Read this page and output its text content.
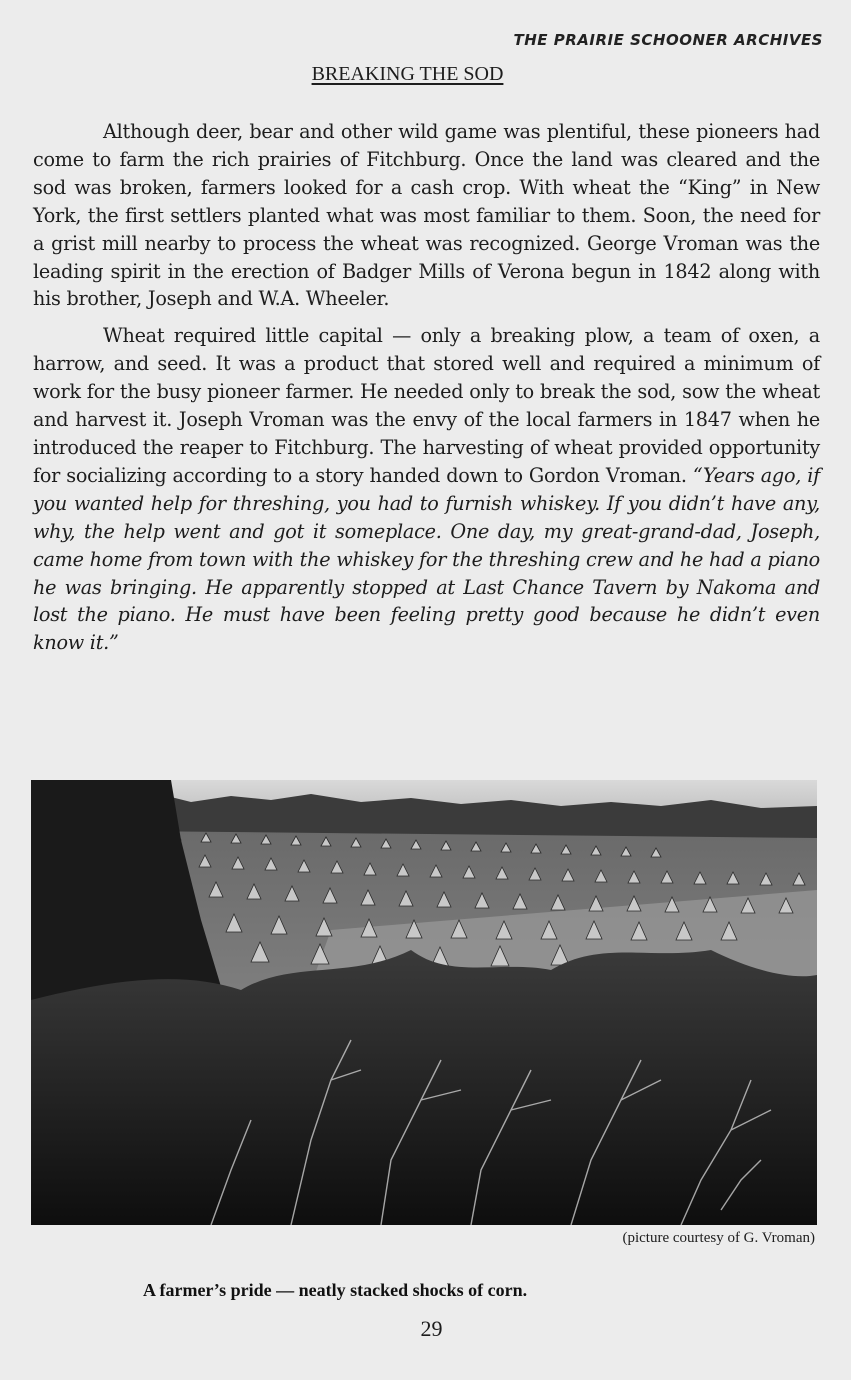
THE PRAIRIE SCHOONER ARCHIVES
BREAKING THE SOD

Although deer, bear and other wild game was plentiful, these pioneers had come to farm the rich prairies of Fitchburg. Once the land was cleared and the sod was broken, farmers looked for a cash crop. With wheat the “King” in New York, the first settlers planted what was most familiar to them. Soon, the need for a grist mill nearby to process the wheat was recognized. George Vroman was the leading spirit in the erection of Badger Mills of Verona begun in 1842 along with his brother, Joseph and W.A. Wheeler.

Wheat required little capital — only a breaking plow, a team of oxen, a harrow, and seed. It was a product that stored well and required a minimum of work for the busy pioneer farmer. He needed only to break the sod, sow the wheat and harvest it. Joseph Vroman was the envy of the local farmers in 1847 when he introduced the reaper to Fitchburg. The harvesting of wheat provided opportunity for socializing according to a story handed down to Gordon Vroman. “Years ago, if you wanted help for threshing, you had to furnish whiskey. If you didn’t have any, why, the help went and got it someplace. One day, my great-grand-dad, Joseph, came home from town with the whiskey for the threshing crew and he had a piano he was bringing. He apparently stopped at Last Chance Tavern by Nakoma and lost the piano. He must have been feeling pretty good because he didn’t even know it.”

(picture courtesy of G. Vroman)
A farmer’s pride — neatly stacked shocks of corn.
29
